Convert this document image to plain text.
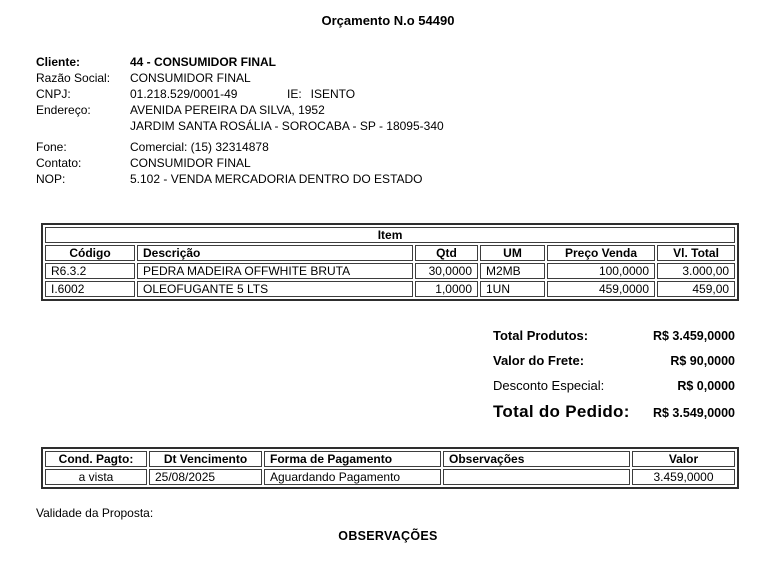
Orçamento N.o 54490
Cliente:	44 - CONSUMIDOR FINAL
Razão Social:	CONSUMIDOR FINAL
CNPJ:	01.218.529/0001-49	IE: ISENTO
Endereço:	AVENIDA PEREIRA DA SILVA, 1952
JARDIM SANTA ROSÁLIA - SOROCABA - SP - 18095-340
Fone:	Comercial: (15) 32314878
Contato:	CONSUMIDOR FINAL
NOP:	5.102 - VENDA MERCADORIA DENTRO DO ESTADO
Item					
Código	Descrição	Qtd	UM	Preço Venda	Vl. Total
R6.3.2	PEDRA MADEIRA OFFWHITE BRUTA	30,0000	M2MB	100,0000	3.000,00
I.6002	OLEOFUGANTE 5 LTS	1,0000	1UN	459,0000	459,00
Total Produtos:	R$ 3.459,0000
Valor do Frete:	R$ 90,0000
Desconto Especial:	R$ 0,0000
Total do Pedido: R$ 3.549,0000
Cond. Pagto:	Dt Vencimento	Forma de Pagamento	Observações	Valor
a vista	25/08/2025	Aguardando Pagamento		3.459,0000
Validade da Proposta:
OBSERVAÇÕES
